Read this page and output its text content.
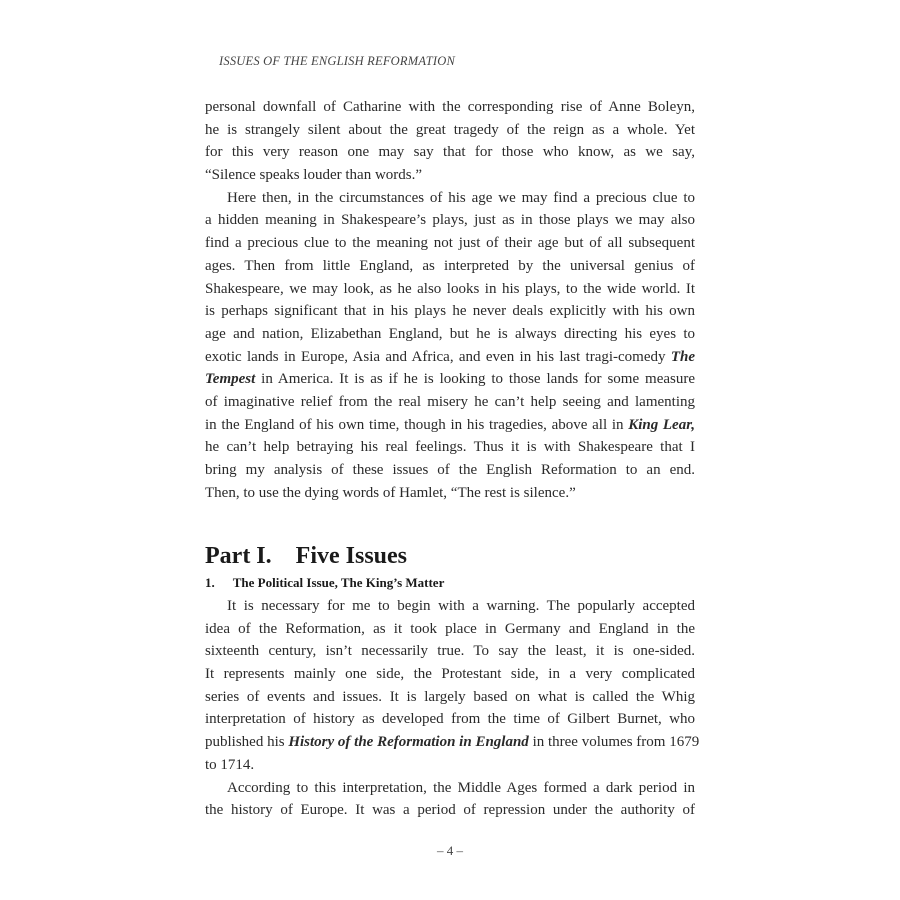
ISSUES OF THE ENGLISH REFORMATION
personal downfall of Catharine with the corresponding rise of Anne Boleyn,
he is strangely silent about the great tragedy of the reign as a whole. Yet
for this very reason one may say that for those who know, as we say,
“Silence speaks louder than words.”
Here then, in the circumstances of his age we may find a precious clue to
a hidden meaning in Shakespeare’s plays, just as in those plays we may also
find a precious clue to the meaning not just of their age but of all subsequent
ages. Then from little England, as interpreted by the universal genius of
Shakespeare, we may look, as he also looks in his plays, to the wide world. It
is perhaps significant that in his plays he never deals explicitly with his own
age and nation, Elizabethan England, but he is always directing his eyes to
exotic lands in Europe, Asia and Africa, and even in his last tragi-comedy The
Tempest in America. It is as if he is looking to those lands for some measure
of imaginative relief from the real misery he can’t help seeing and lamenting
in the England of his own time, though in his tragedies, above all in King Lear,
he can’t help betraying his real feelings. Thus it is with Shakespeare that I
bring my analysis of these issues of the English Reformation to an end.
Then, to use the dying words of Hamlet, “The rest is silence.”
Part I. Five Issues
1. The Political Issue, The King’s Matter
It is necessary for me to begin with a warning. The popularly accepted
idea of the Reformation, as it took place in Germany and England in the
sixteenth century, isn’t necessarily true. To say the least, it is one-sided.
It represents mainly one side, the Protestant side, in a very complicated
series of events and issues. It is largely based on what is called the Whig
interpretation of history as developed from the time of Gilbert Burnet, who
published his History of the Reformation in England in three volumes from 1679
to 1714.
According to this interpretation, the Middle Ages formed a dark period in
the history of Europe. It was a period of repression under the authority of
– 4 –
